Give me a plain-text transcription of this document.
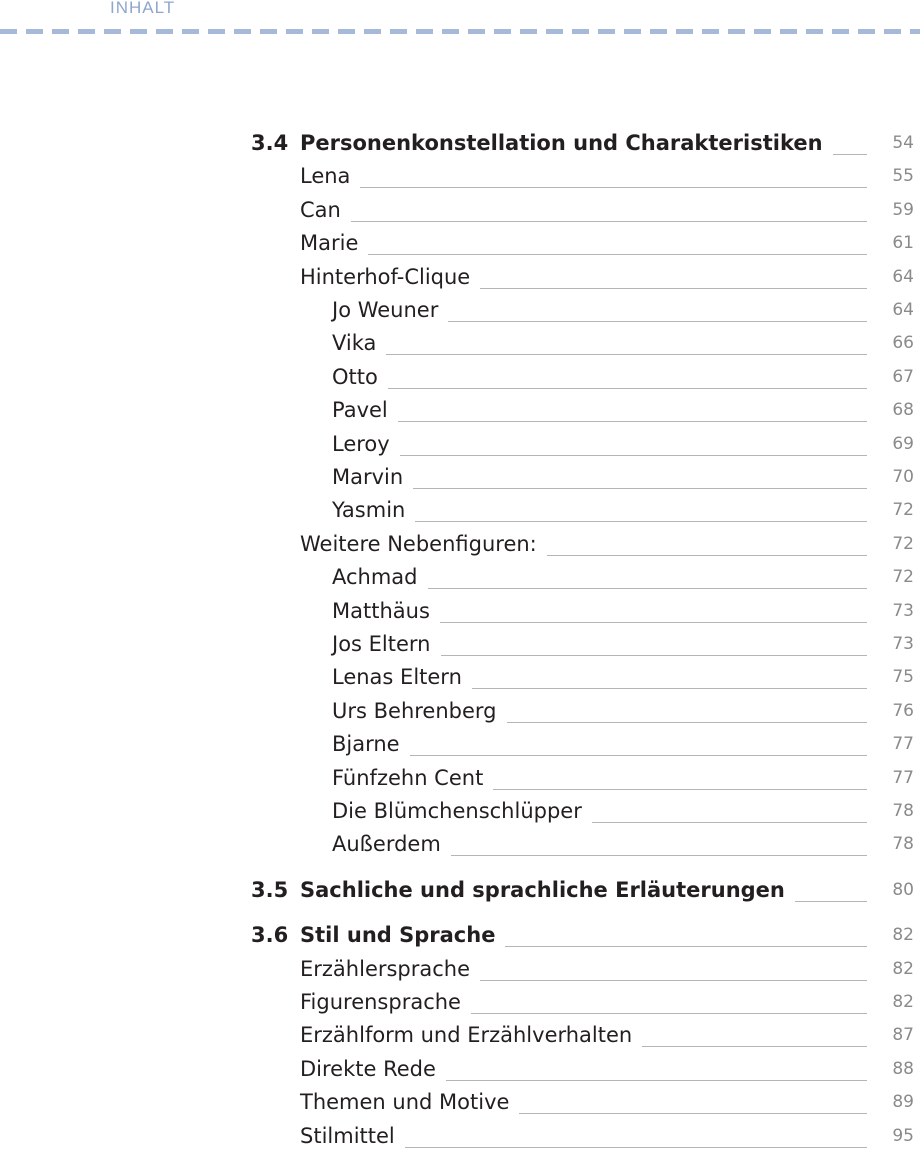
INHALT
3.4 Personenkonstellation und Charakteristiken	54
Lena	55
Can	59
Marie	61
Hinterhof-Clique	64
Jo Weuner	64
Vika	66
Otto	67
Pavel	68
Leroy	69
Marvin	70
Yasmin	72
Weitere Nebenfiguren:	72
Achmad	72
Matthäus	73
Jos Eltern	73
Lenas Eltern	75
Urs Behrenberg	76
Bjarne	77
Fünfzehn Cent	77
Die Blümchenschlüpper	78
Außerdem	78
3.5 Sachliche und sprachliche Erläuterungen	80
3.6 Stil und Sprache	82
Erzählersprache	82
Figurensprache	82
Erzählform und Erzählverhalten	87
Direkte Rede	88
Themen und Motive	89
Stilmittel	95
